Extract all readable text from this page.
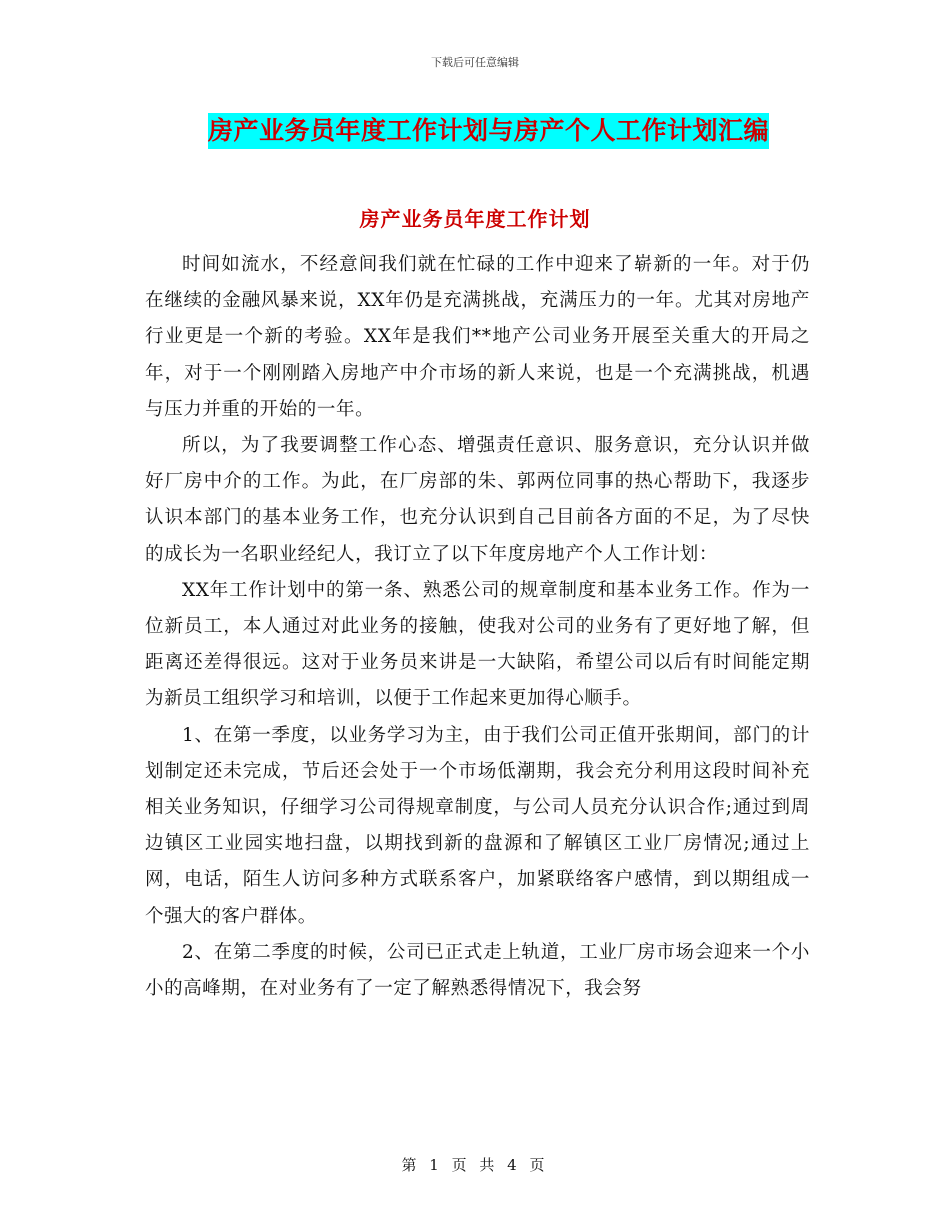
下载后可任意编辑
房产业务员年度工作计划与房产个人工作计划汇编
房产业务员年度工作计划

时间如流水，不经意间我们就在忙碌的工作中迎来了崭新的一年。对于仍在继续的金融风暴来说，XX年仍是充满挑战，充满压力的一年。尤其对房地产行业更是一个新的考验。XX年是我们**地产公司业务开展至关重大的开局之年，对于一个刚刚踏入房地产中介市场的新人来说，也是一个充满挑战，机遇与压力并重的开始的一年。

所以，为了我要调整工作心态、增强责任意识、服务意识，充分认识并做好厂房中介的工作。为此，在厂房部的朱、郭两位同事的热心帮助下，我逐步认识本部门的基本业务工作，也充分认识到自己目前各方面的不足，为了尽快的成长为一名职业经纪人，我订立了以下年度房地产个人工作计划：

XX年工作计划中的第一条、熟悉公司的规章制度和基本业务工作。作为一位新员工，本人通过对此业务的接触，使我对公司的业务有了更好地了解，但距离还差得很远。这对于业务员来讲是一大缺陷，希望公司以后有时间能定期为新员工组织学习和培训，以便于工作起来更加得心顺手。

1、在第一季度，以业务学习为主，由于我们公司正值开张期间，部门的计划制定还未完成，节后还会处于一个市场低潮期，我会充分利用这段时间补充相关业务知识，仔细学习公司得规章制度，与公司人员充分认识合作;通过到周边镇区工业园实地扫盘，以期找到新的盘源和了解镇区工业厂房情况;通过上网，电话，陌生人访问多种方式联系客户，加紧联络客户感情，到以期组成一个强大的客户群体。

2、在第二季度的时候，公司已正式走上轨道，工业厂房市场会迎来一个小小的高峰期，在对业务有了一定了解熟悉得情况下，我会努

第 1 页 共 4 页
